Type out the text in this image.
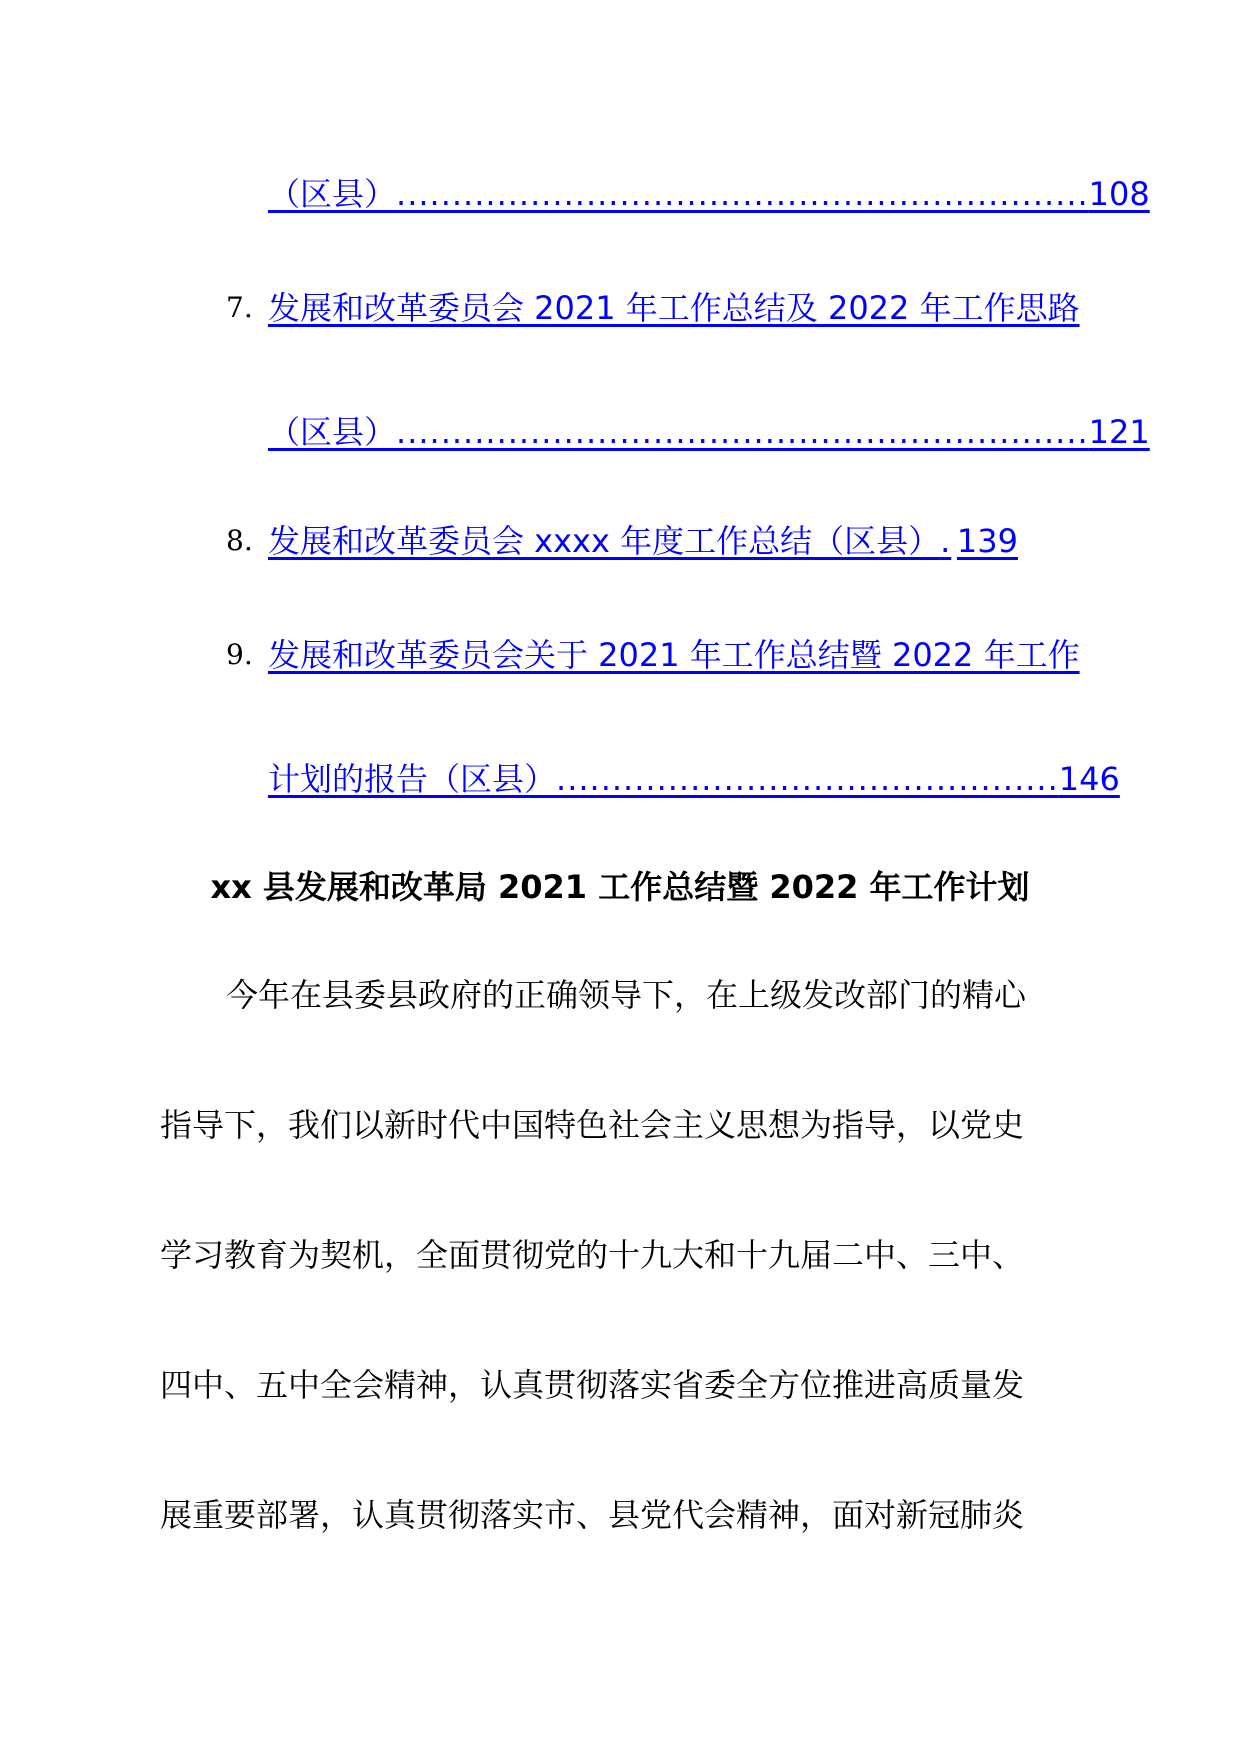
（区县） .............................................................. 108
7. 发展和改革委员会 2021 年工作总结及 2022 年工作思路
（区县） .............................................................. 121
8. 发展和改革委员会 xxxx 年度工作总结（区县） . 139
9. 发展和改革委员会关于 2021 年工作总结暨 2022 年工作
计划的报告（区县） ............................................. 146
xx 县发展和改革局 2021 工作总结暨 2022 年工作计划
今年在县委县政府的正确领导下，在上级发改部门的精心
指导下，我们以新时代中国特色社会主义思想为指导，以党史
学习教育为契机，全面贯彻党的十九大和十九届二中、三中、
四中、五中全会精神，认真贯彻落实省委全方位推进高质量发
展重要部署，认真贯彻落实市、县党代会精神，面对新冠肺炎
